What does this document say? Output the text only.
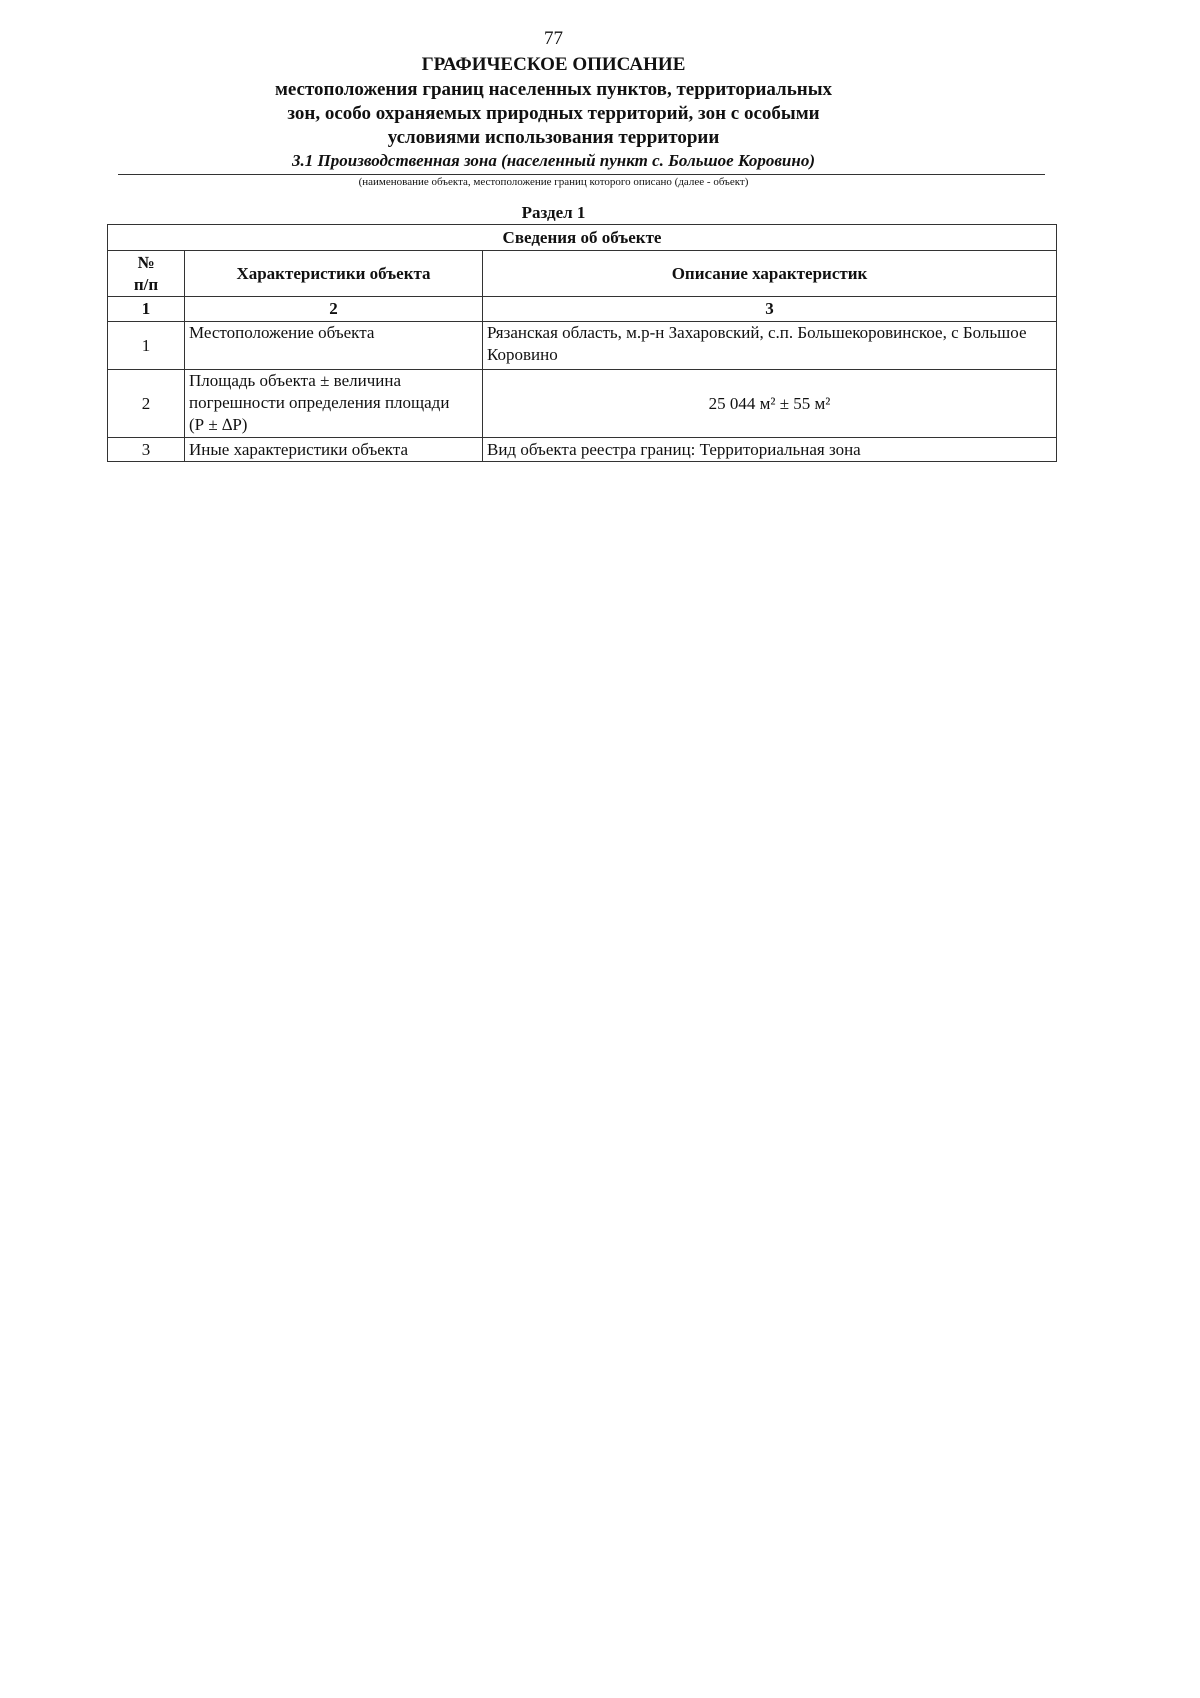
77
ГРАФИЧЕСКОЕ ОПИСАНИЕ
местоположения границ населенных пунктов, территориальных
зон, особо охраняемых природных территорий, зон с особыми
условиями использования территории
3.1 Производственная зона (населенный пункт с. Большое Коровино)
(наименование объекта, местоположение границ которого описано (далее - объект)
Раздел 1
Сведения об объекте		

№
п/п	Характеристики объекта	Описание характеристик
1	2	3
1	Местоположение объекта	Рязанская область, м.р-н Захаровский, с.п. Большекоровинское, с Большое Коровино
2	Площадь объекта ± величина
погрешности определения площади
(Р ± ∆Р)	25 044 м² ± 55 м²
3	Иные характеристики объекта	Вид объекта реестра границ: Территориальная зона
